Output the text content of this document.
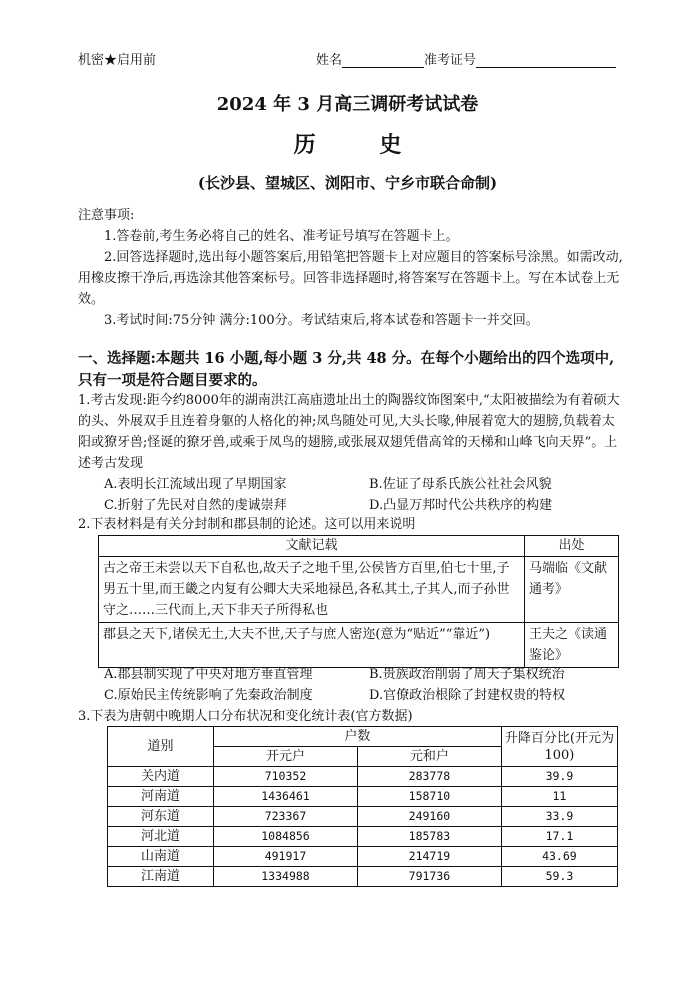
机密★启用前	姓名	准考证号
2024 年 3 月高三调研考试试卷
历 史
(长沙县、望城区、浏阳市、宁乡市联合命制)

注意事项:

1.答卷前,考生务必将自己的姓名、准考证号填写在答题卡上。

2.回答选择题时,选出每小题答案后,用铅笔把答题卡上对应题目的答案标号涂黑。如需改动,用橡皮擦干净后,再选涂其他答案标号。回答非选择题时,将答案写在答题卡上。写在本试卷上无效。

3.考试时间:75分钟 满分:100分。考试结束后,将本试卷和答题卡一并交回。

一、选择题:本题共 16 小题,每小题 3 分,共 48 分。在每个小题给出的四个选项中,只有一项是符合题目要求的。

1.考古发现:距今约8000年的湖南洪江高庙遗址出土的陶器纹饰图案中,“太阳被描绘为有着硕大的头、外展双手且连着身躯的人格化的神;凤鸟随处可见,大头长喙,伸展着宽大的翅膀,负载着太阳或獠牙兽;怪诞的獠牙兽,或乘于凤鸟的翅膀,或张展双翅凭借高耸的天梯和山峰飞向天界”。上述考古发现

A.表明长江流域出现了早期国家	B.佐证了母系氏族公社社会风貌
C.折射了先民对自然的虔诚崇拜	D.凸显万邦时代公共秩序的构建

2.下表材料是有关分封制和郡县制的论述。这可以用来说明

文献记载	出处
古之帝王未尝以天下自私也,故天子之地千里,公侯皆方百里,伯七十里,子男五十里,而王畿之内复有公卿大夫采地禄邑,各私其土,子其人,而子孙世守之……三代而上,天下非天子所得私也	马端临《文献通考》
郡县之天下,诸侯无土,大夫不世,天子与庶人密迩(意为“贴近”“靠近”)	王夫之《读通鉴论》
A.郡县制实现了中央对地方垂直管理	B.贵族政治削弱了周天子集权统治
C.原始民主传统影响了先秦政治制度	D.官僚政治根除了封建权贵的特权

3.下表为唐朝中晚期人口分布状况和变化统计表(官方数据)

道别	户数		升降百分比(开元为100)
	开元户	元和户	
关内道	710352	283778	39.9
河南道	1436461	158710	11
河东道	723367	249160	33.9
河北道	1084856	185783	17.1
山南道	491917	214719	43.69
江南道	1334988	791736	59.3
